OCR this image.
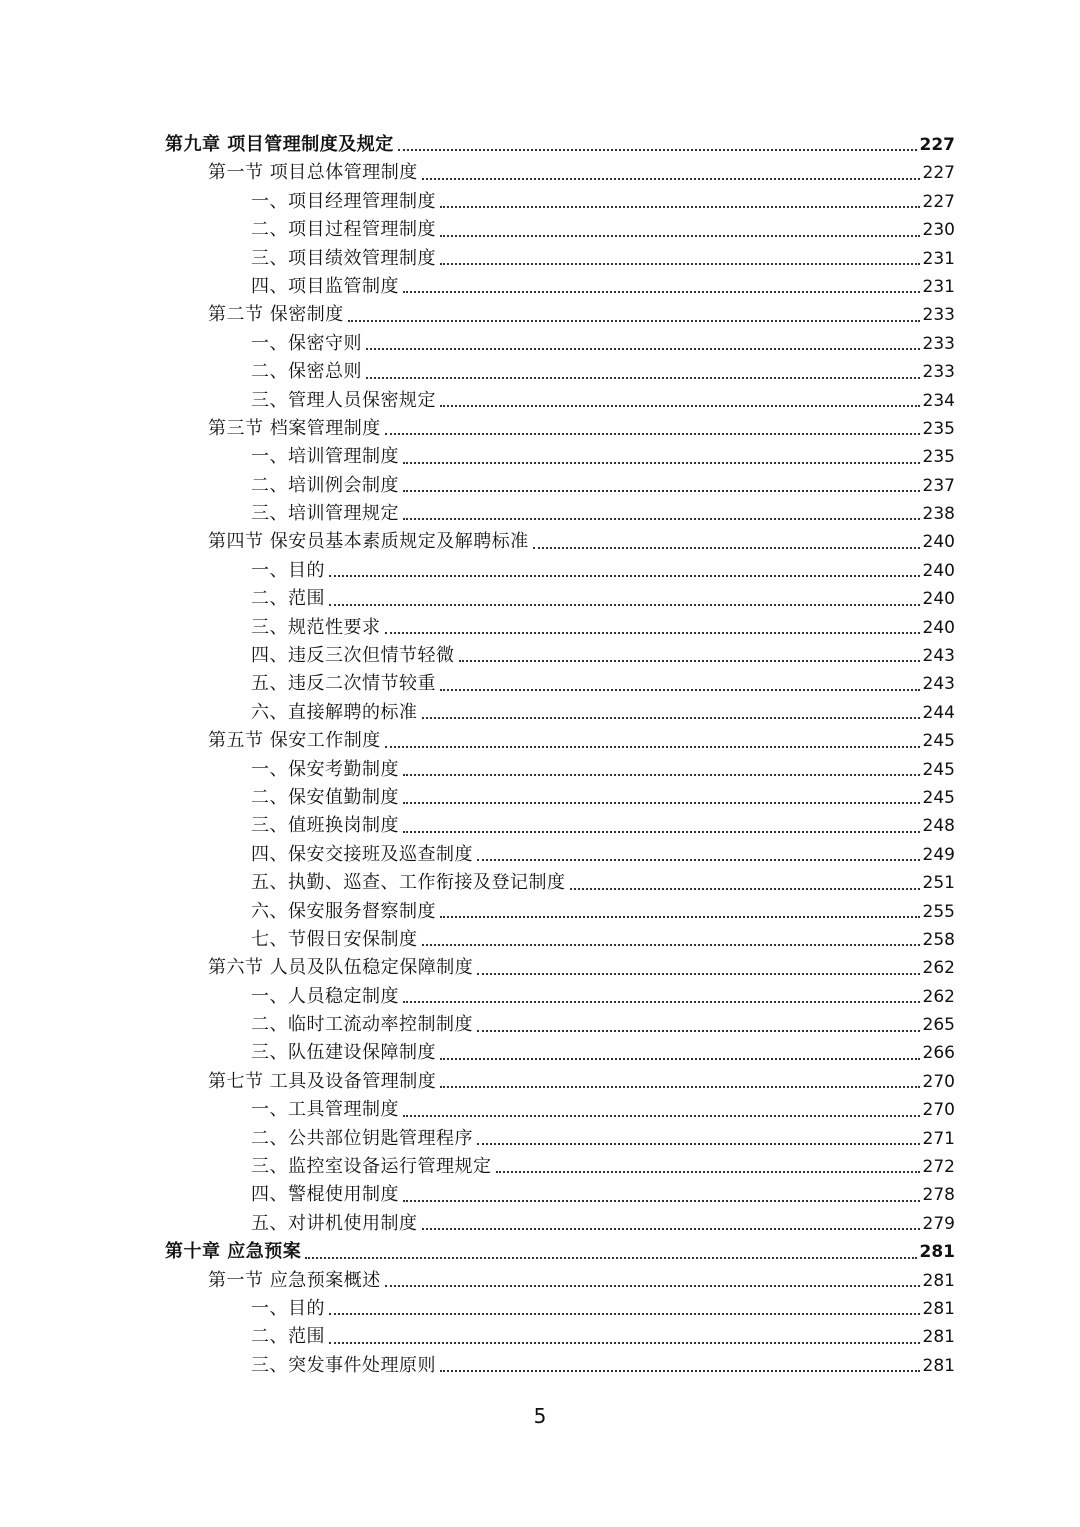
第九章 项目管理制度及规定	227
第一节 项目总体管理制度	227
一、项目经理管理制度	227
二、项目过程管理制度	230
三、项目绩效管理制度	231
四、项目监管制度	231
第二节 保密制度	233
一、保密守则	233
二、保密总则	233
三、管理人员保密规定	234
第三节 档案管理制度	235
一、培训管理制度	235
二、培训例会制度	237
三、培训管理规定	238
第四节 保安员基本素质规定及解聘标准	240
一、目的	240
二、范围	240
三、规范性要求	240
四、违反三次但情节轻微	243
五、违反二次情节较重	243
六、直接解聘的标准	244
第五节 保安工作制度	245
一、保安考勤制度	245
二、保安值勤制度	245
三、值班换岗制度	248
四、保安交接班及巡查制度	249
五、执勤、巡查、工作衔接及登记制度	251
六、保安服务督察制度	255
七、节假日安保制度	258
第六节 人员及队伍稳定保障制度	262
一、人员稳定制度	262
二、临时工流动率控制制度	265
三、队伍建设保障制度	266
第七节 工具及设备管理制度	270
一、工具管理制度	270
二、公共部位钥匙管理程序	271
三、监控室设备运行管理规定	272
四、警棍使用制度	278
五、对讲机使用制度	279
第十章 应急预案	281
第一节 应急预案概述	281
一、目的	281
二、范围	281
三、突发事件处理原则	281
5
